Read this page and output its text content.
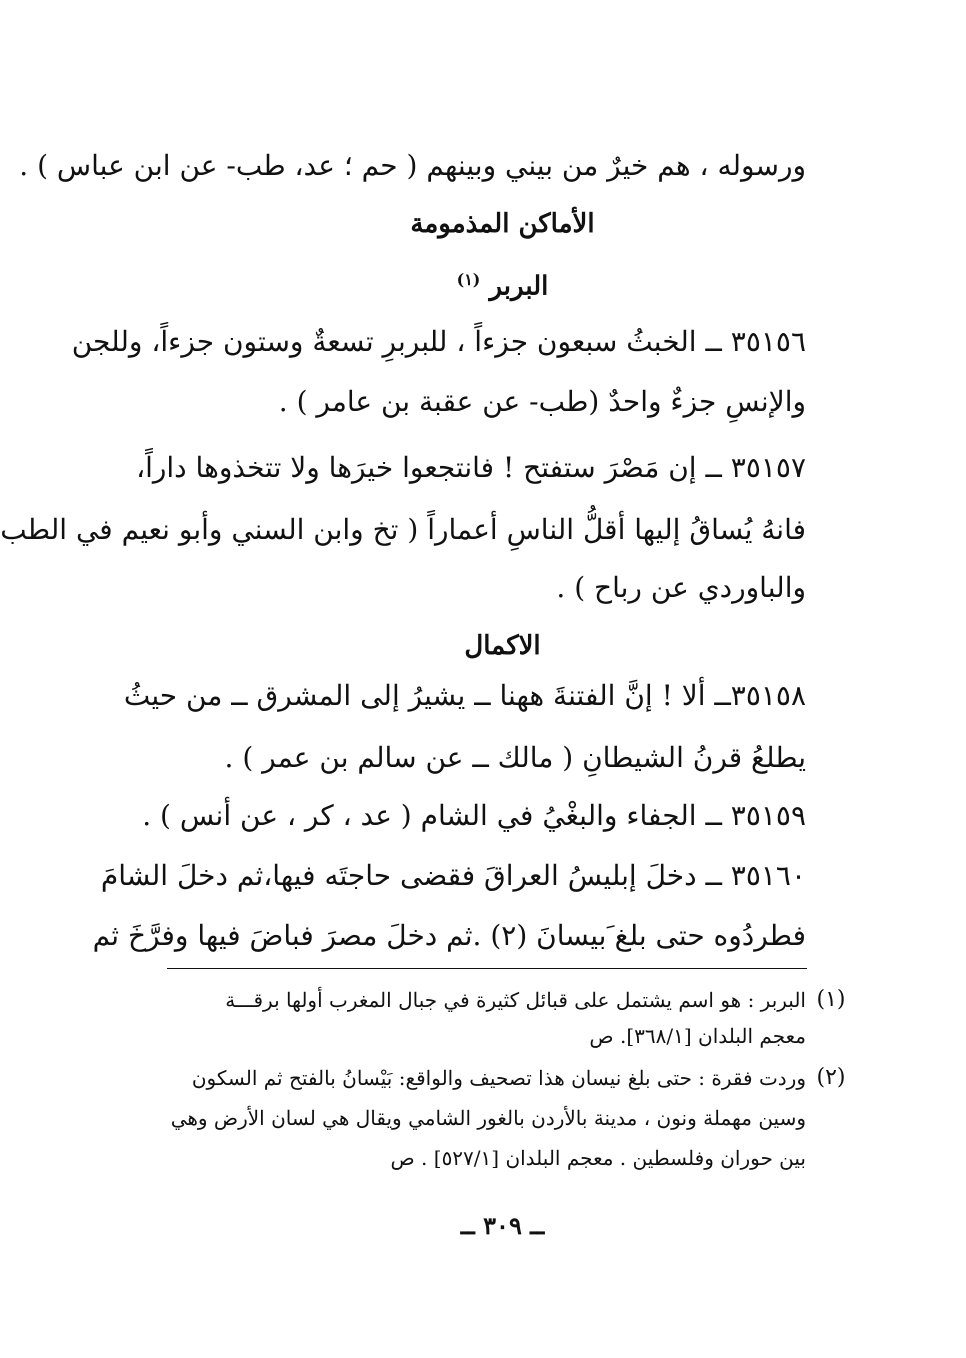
ورسوله ، هم خيرٌ من بيني وبينهم ( حم ؛ عد، طب- عن ابن عباس ) .
الأماكن المذمومة
البربر $^{(١)}$
٣٥١٥٦ ــ الخبثُ سبعون جزءاً ، للبربرِ تسعةٌ وستون جزءاً، وللجن
والإنسِ جزءٌ واحدٌ (طب- عن عقبة بن عامر ) .
٣٥١٥٧ ــ إن مَصْرَ ستفتح ! فانتجعوا خيرَها ولا تتخذوها داراً،
فانهُ يُساقُ إليها أقلُّ الناسِ أعماراً ( تخ وابن السني وأبو نعيم في الطب
والباوردي عن رباح ) .
الاكمال
٣٥١٥٨ــ ألا ! إنَّ الفتنةَ ههنا ــ يشيرُ إلى المشرق ــ من حيثُ
يطلعُ قرنُ الشيطانِ ( مالك ــ عن سالم بن عمر ) .
٣٥١٥٩ ــ الجفاء والبغْيُ في الشام ( عد ، كر ، عن أنس ) .
٣٥١٦٠ ــ دخلَ إبليسُ العراقَ فقضى حاجتَه فيها،ثم دخلَ الشامَ
فطردُوه حتى بلغ َبيسانَ (٢) .ثم دخلَ مصرَ فباضَ فيها وفرَّخَ ثم
(١)
البربر : هو اسم يشتمل على قبائل كثيرة في جبال المغرب أولها برقـــة
معجم البلدان [٣٦٨/١]. ص
(٢)
وردت فقرة : حتى بلغ نيسان هذا تصحيف والواقع: بَيْسانُ بالفتح ثم السكون
وسين مهملة ونون ، مدينة بالأردن بالغور الشامي ويقال هي لسان الأرض وهي
بين حوران وفلسطين . معجم البلدان [٥٢٧/١] . ص
ــ ٣٠٩ ــ
